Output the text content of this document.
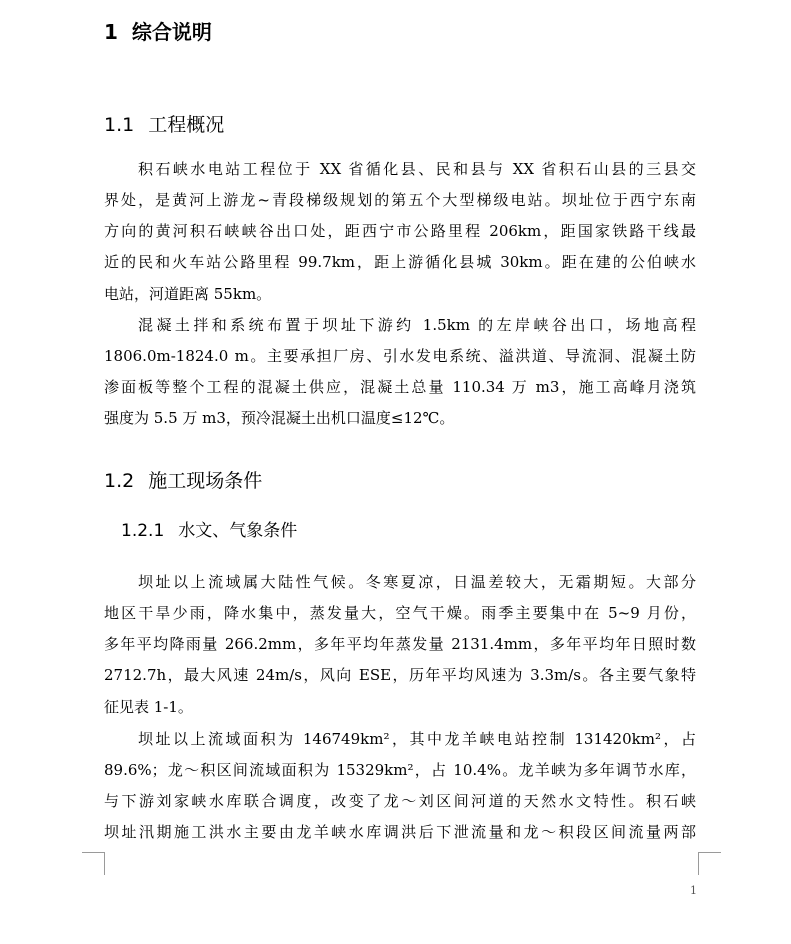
1 综合说明
1.1 工程概况
积石峡水电站工程位于 XX 省循化县、民和县与 XX 省积石山县的三县交
界处，是黄河上游龙~青段梯级规划的第五个大型梯级电站。坝址位于西宁东南
方向的黄河积石峡峡谷出口处，距西宁市公路里程 206km，距国家铁路干线最
近的民和火车站公路里程 99.7km，距上游循化县城 30km。距在建的公伯峡水
电站，河道距离 55km。
混凝土拌和系统布置于坝址下游约 1.5km 的左岸峡谷出口，场地高程
1806.0m-1824.0 m。主要承担厂房、引水发电系统、溢洪道、导流洞、混凝土防
渗面板等整个工程的混凝土供应，混凝土总量 110.34 万 m3，施工高峰月浇筑
强度为 5.5 万 m3，预冷混凝土出机口温度≤12℃。
1.2 施工现场条件
1.2.1 水文、气象条件
坝址以上流域属大陆性气候。冬寒夏凉，日温差较大，无霜期短。大部分
地区干旱少雨，降水集中，蒸发量大，空气干燥。雨季主要集中在 5~9 月份，
多年平均降雨量 266.2mm，多年平均年蒸发量 2131.4mm，多年平均年日照时数
2712.7h，最大风速 24m/s，风向 ESE，历年平均风速为 3.3m/s。各主要气象特
征见表 1-1。
坝址以上流域面积为 146749km²，其中龙羊峡电站控制 131420km²，占
89.6%；龙～积区间流域面积为 15329km²，占 10.4%。龙羊峡为多年调节水库，
与下游刘家峡水库联合调度，改变了龙～刘区间河道的天然水文特性。积石峡
坝址汛期施工洪水主要由龙羊峡水库调洪后下泄流量和龙～积段区间流量两部
1
